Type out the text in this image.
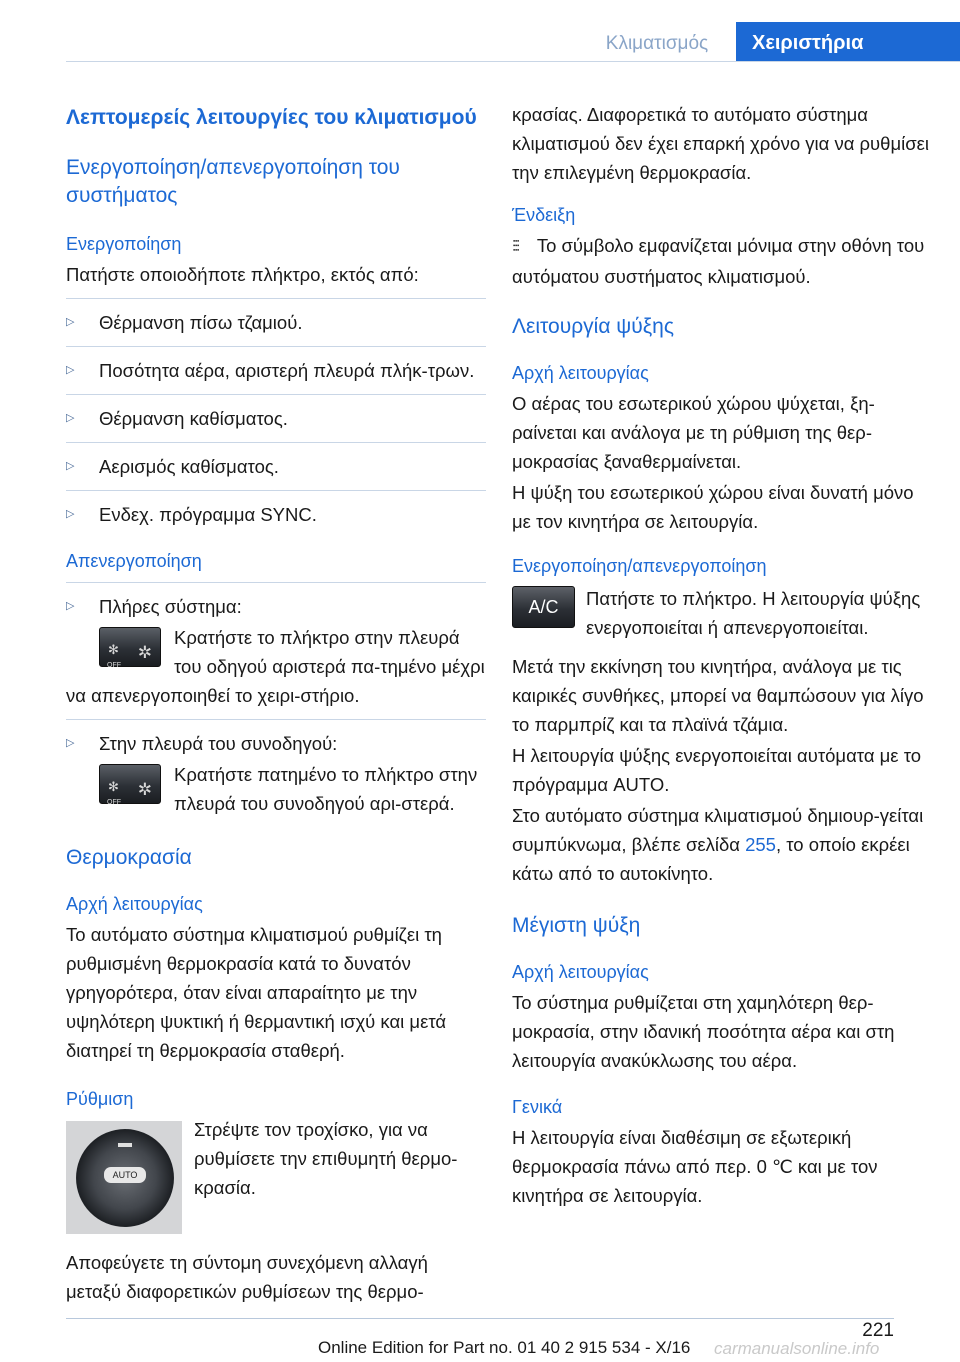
Κλιματισμός	Χειριστήρια
Λεπτομερείς λειτουργίες του κλιματισμού
Ενεργοποίηση/απενεργοποίηση του συστήματος
Ενεργοποίηση
Πατήστε οποιοδήποτε πλήκτρο, εκτός από:
▷ Θέρμανση πίσω τζαμιού.
▷ Ποσότητα αέρα, αριστερή πλευρά πλήκ-τρων.
▷ Θέρμανση καθίσματος.
▷ Αερισμός καθίσματος.
▷ Ενδεχ. πρόγραμμα SYNC.
Απενεργοποίηση
▷ Πλήρες σύστημα:
✻
OFF
✲
Κρατήστε το πλήκτρο στην πλευρά του οδηγού αριστερά πα-τημένο μέχρι να απενεργοποιηθεί το χειρι-στήριο.
▷ Στην πλευρά του συνοδηγού:
✻
OFF
✲
Κρατήστε πατημένο το πλήκτρο στην πλευρά του συνοδηγού αρι-στερά.
Θερμοκρασία
Αρχή λειτουργίας
Το αυτόματο σύστημα κλιματισμού ρυθμίζει τη ρυθμισμένη θερμοκρασία κατά το δυνατόν γρηγορότερα, όταν είναι απαραίτητο με την υψηλότερη ψυκτική ή θερμαντική ισχύ και μετά διατηρεί τη θερμοκρασία σταθερή.
Ρύθμιση
AUTO
Στρέψτε τον τροχίσκο, για να ρυθμίσετε την επιθυμητή θερμο-κρασία.
Αποφεύγετε τη σύντομη συνεχόμενη αλλαγή μεταξύ διαφορετικών ρυθμίσεων της θερμο-
κρασίας. Διαφορετικά το αυτόματο σύστημα κλιματισμού δεν έχει επαρκή χρόνο για να ρυθμίσει την επιλεγμένη θερμοκρασία.
Ένδειξη
⫶⫶⫶ Το σύμβολο εμφανίζεται μόνιμα στην οθόνη του αυτόματου συστήματος κλιματισμού.
Λειτουργία ψύξης
Αρχή λειτουργίας
Ο αέρας του εσωτερικού χώρου ψύχεται, ξη-ραίνεται και ανάλογα με τη ρύθμιση της θερ-μοκρασίας ξαναθερμαίνεται.
Η ψύξη του εσωτερικού χώρου είναι δυνατή μόνο με τον κινητήρα σε λειτουργία.
Ενεργοποίηση/απενεργοποίηση
A/C	Πατήστε το πλήκτρο. Η λειτουργία ψύξης ενεργοποιείται ή απενεργοποιείται.
Μετά την εκκίνηση του κινητήρα, ανάλογα με τις καιρικές συνθήκες, μπορεί να θαμπώσουν για λίγο το παρμπρίζ και τα πλαϊνά τζάμια.
Η λειτουργία ψύξης ενεργοποιείται αυτόματα με το πρόγραμμα AUTO.
Στο αυτόματο σύστημα κλιματισμού δημιουρ-γείται συμπύκνωμα, βλέπε σελίδα 255, το οποίο εκρέει κάτω από το αυτοκίνητο.
Μέγιστη ψύξη
Αρχή λειτουργίας
Το σύστημα ρυθμίζεται στη χαμηλότερη θερ-μοκρασία, στην ιδανική ποσότητα αέρα και στη λειτουργία ανακύκλωσης του αέρα.
Γενικά
Η λειτουργία είναι διαθέσιμη σε εξωτερική θερμοκρασία πάνω από περ. 0 ℃ και με τον κινητήρα σε λειτουργία.
221
Online Edition for Part no. 01 40 2 915 534 - X/16 carmanualsonline.info
